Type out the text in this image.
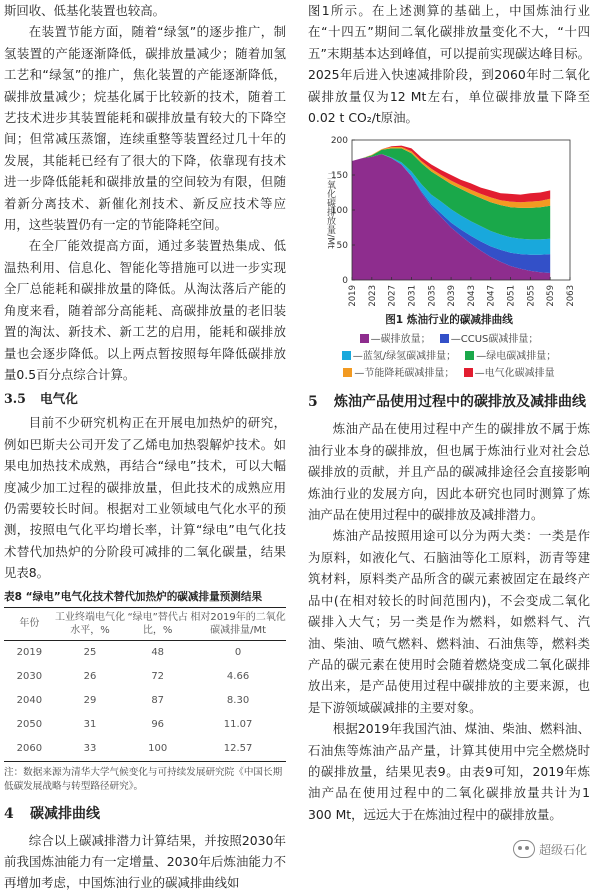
斯回收、低基化装置也较高。

在装置节能方面，随着“绿氢”的逐步推广，制氢装置的产能逐渐降低，碳排放量减少；随着加氢工艺和“绿氢”的推广，焦化装置的产能逐渐降低，碳排放量减少；烷基化属于比较新的技术，随着工艺技术进步其装置能耗和碳排放量有较大的下降空间；但常减压蒸馏，连续重整等装置经过几十年的发展，其能耗已经有了很大的下降，依靠现有技术进一步降低能耗和碳排放量的空间较为有限，但随着新分离技术、新催化剂技术、新反应技术等应用，这些装置仍有一定的节能降耗空间。

在全厂能效提高方面，通过多装置热集成、低温热利用、信息化、智能化等措施可以进一步实现全厂总能耗和碳排放量的降低。从淘汰落后产能的角度来看，随着部分高能耗、高碳排放量的老旧装置的淘汰、新技术、新工艺的启用，能耗和碳排放量也会逐步降低。以上两点暂按照每年降低碳排放量0.5百分点综合计算。

3.5 电气化

目前不少研究机构正在开展电加热炉的研究，例如巴斯夫公司开发了乙烯电加热裂解炉技术。如果电加热技术成熟，再结合“绿电”技术，可以大幅度减少加工过程的碳排放量，但此技术的成熟应用仍需要较长时间。根据对工业领域电气化水平的预测，按照电气化平均增长率，计算“绿电”电气化技术替代加热炉的分阶段可减排的二氧化碳量，结果见表8。

表8 “绿电”电气化技术替代加热炉的碳减排量预测结果
年份	工业终端电气化水平，%	“绿电”替代占比，%	相对2019年的二氧化碳减排量/Mt
2019	25	48	0
2030	26	72	4.66
2040	29	87	8.30
2050	31	96	11.07
2060	33	100	12.57
注：数据来源为清华大学气候变化与可持续发展研究院《中国长期低碳发展战略与转型路径研究》。
4 碳减排曲线

综合以上碳减排潜力计算结果，并按照2030年前我国炼油能力有一定增量、2030年后炼油能力不再增加考虑，中国炼油行业的碳减排曲线如

图1所示。在上述测算的基础上，中国炼油行业在“十四五”期间二氧化碳排放量变化不大，“十四五”末期基本达到峰值，可以提前实现碳达峰目标。2025年后进入快速减排阶段，到2060年时二氧化碳排放量仅为12 Mt左右，单位碳排放量下降至0.02 t CO₂/t原油。

0
50
100
150
200
2019 2023 2027 2031 2035 2039 2043 2047 2051 2055 2059 2063
二氧化碳排放量/Mt
图1 炼油行业的碳减排曲线
—碳排放量； —CCUS碳减排量；
—蓝氢/绿氢碳减排量； —绿电碳减排量；
—节能降耗碳减排量； —电气化碳减排量
5 炼油产品使用过程中的碳排放及减排曲线

炼油产品在使用过程中产生的碳排放不属于炼油行业本身的碳排放，但也属于炼油行业对社会总碳排放的贡献，并且产品的碳减排途径会直接影响炼油行业的发展方向，因此本研究也同时测算了炼油产品在使用过程中的碳排放及减排潜力。

炼油产品按照用途可以分为两大类：一类是作为原料，如液化气、石脑油等化工原料，沥青等建筑材料，原料类产品所含的碳元素被固定在最终产品中(在相对较长的时间范围内)，不会变成二氧化碳排入大气；另一类是作为燃料，如燃料气、汽油、柴油、喷气燃料、燃料油、石油焦等，燃料类产品的碳元素在使用时会随着燃烧变成二氧化碳排放出来，是产品使用过程中碳排放的主要来源，也是下游领域碳减排的主要对象。

根据2019年我国汽油、煤油、柴油、燃料油、石油焦等炼油产品产量，计算其使用中完全燃烧时的碳排放量，结果见表9。由表9可知，2019年炼油产品在使用过程中的二氧化碳排放量共计为1 300 Mt，远远大于在炼油过程中的碳排放量。

超级石化
